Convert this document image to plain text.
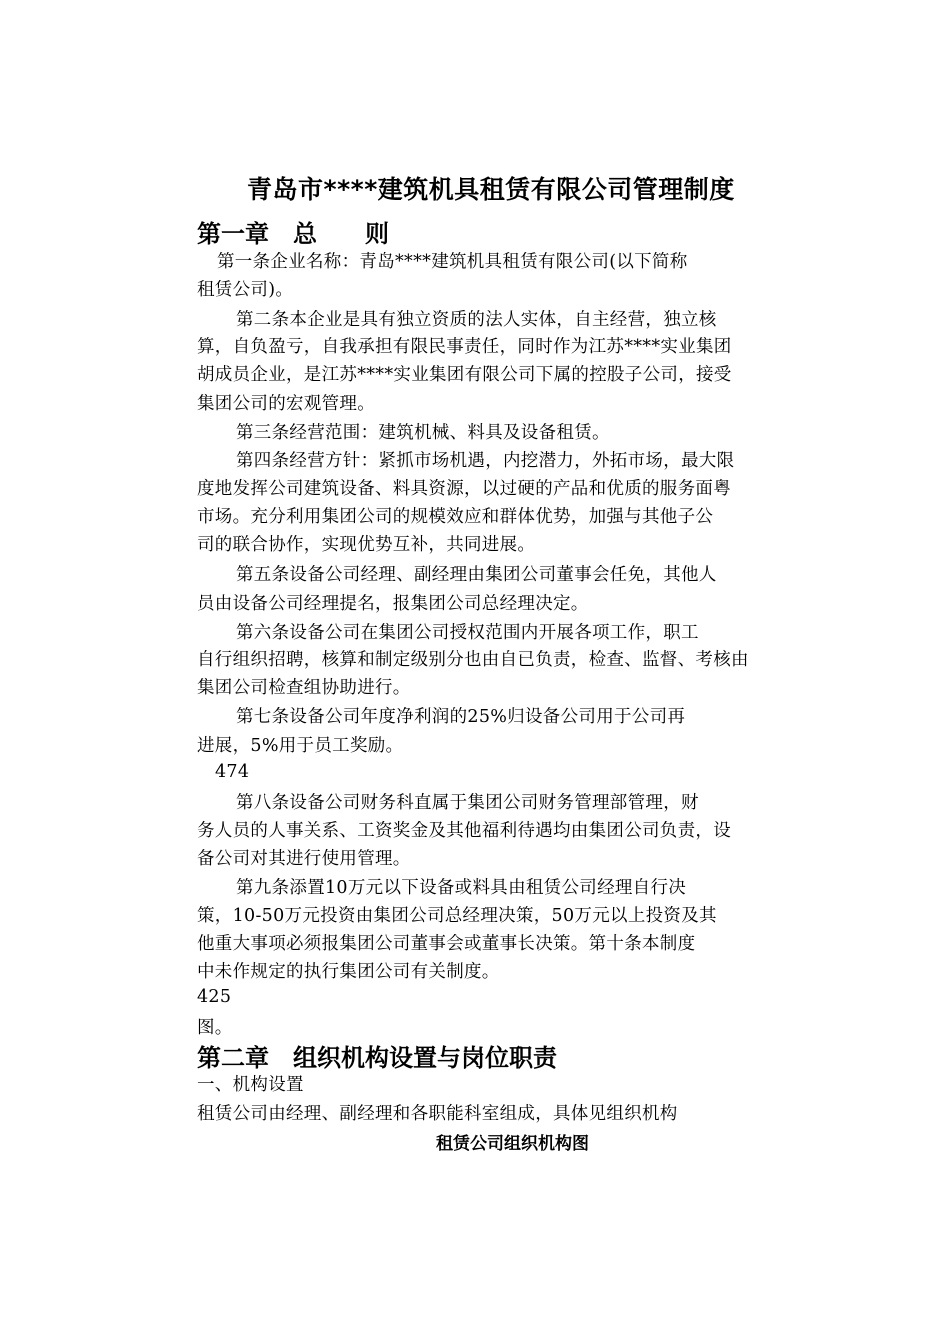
青岛市****建筑机具租赁有限公司管理制度
第一章　总　　则
第一条企业名称：青岛****建筑机具租赁有限公司(以下简称
租赁公司)。
第二条本企业是具有独立资质的法人实体，自主经营，独立核
算，自负盈亏，自我承担有限民事责任，同时作为江苏****实业集团
胡成员企业，是江苏****实业集团有限公司下属的控股子公司，接受
集团公司的宏观管理。
第三条经营范围：建筑机械、料具及设备租赁。
第四条经营方针：紧抓市场机遇，内挖潜力，外拓市场，最大限
度地发挥公司建筑设备、料具资源，以过硬的产品和优质的服务面粤
市场。充分利用集团公司的规模效应和群体优势，加强与其他子公
司的联合协作，实现优势互补，共同进展。
第五条设备公司经理、副经理由集团公司董事会任免，其他人
员由设备公司经理提名，报集团公司总经理决定。
第六条设备公司在集团公司授权范围内开展各项工作，职工
自行组织招聘，核算和制定级别分也由自已负责，检查、监督、考核由
集团公司检查组协助进行。
第七条设备公司年度净利润的25%归设备公司用于公司再
进展，5%用于员工奖励。
474
第八条设备公司财务科直属于集团公司财务管理部管理，财
务人员的人事关系、工资奖金及其他福利待遇均由集团公司负责，设
备公司对其进行使用管理。
第九条添置10万元以下设备或料具由租赁公司经理自行决
策，10-50万元投资由集团公司总经理决策，50万元以上投资及其
他重大事项必须报集团公司董事会或董事长决策。第十条本制度
中未作规定的执行集团公司有关制度。
425
图。
第二章　组织机构设置与岗位职责
一、机构设置
租赁公司由经理、副经理和各职能科室组成，具体见组织机构
租赁公司组织机构图
